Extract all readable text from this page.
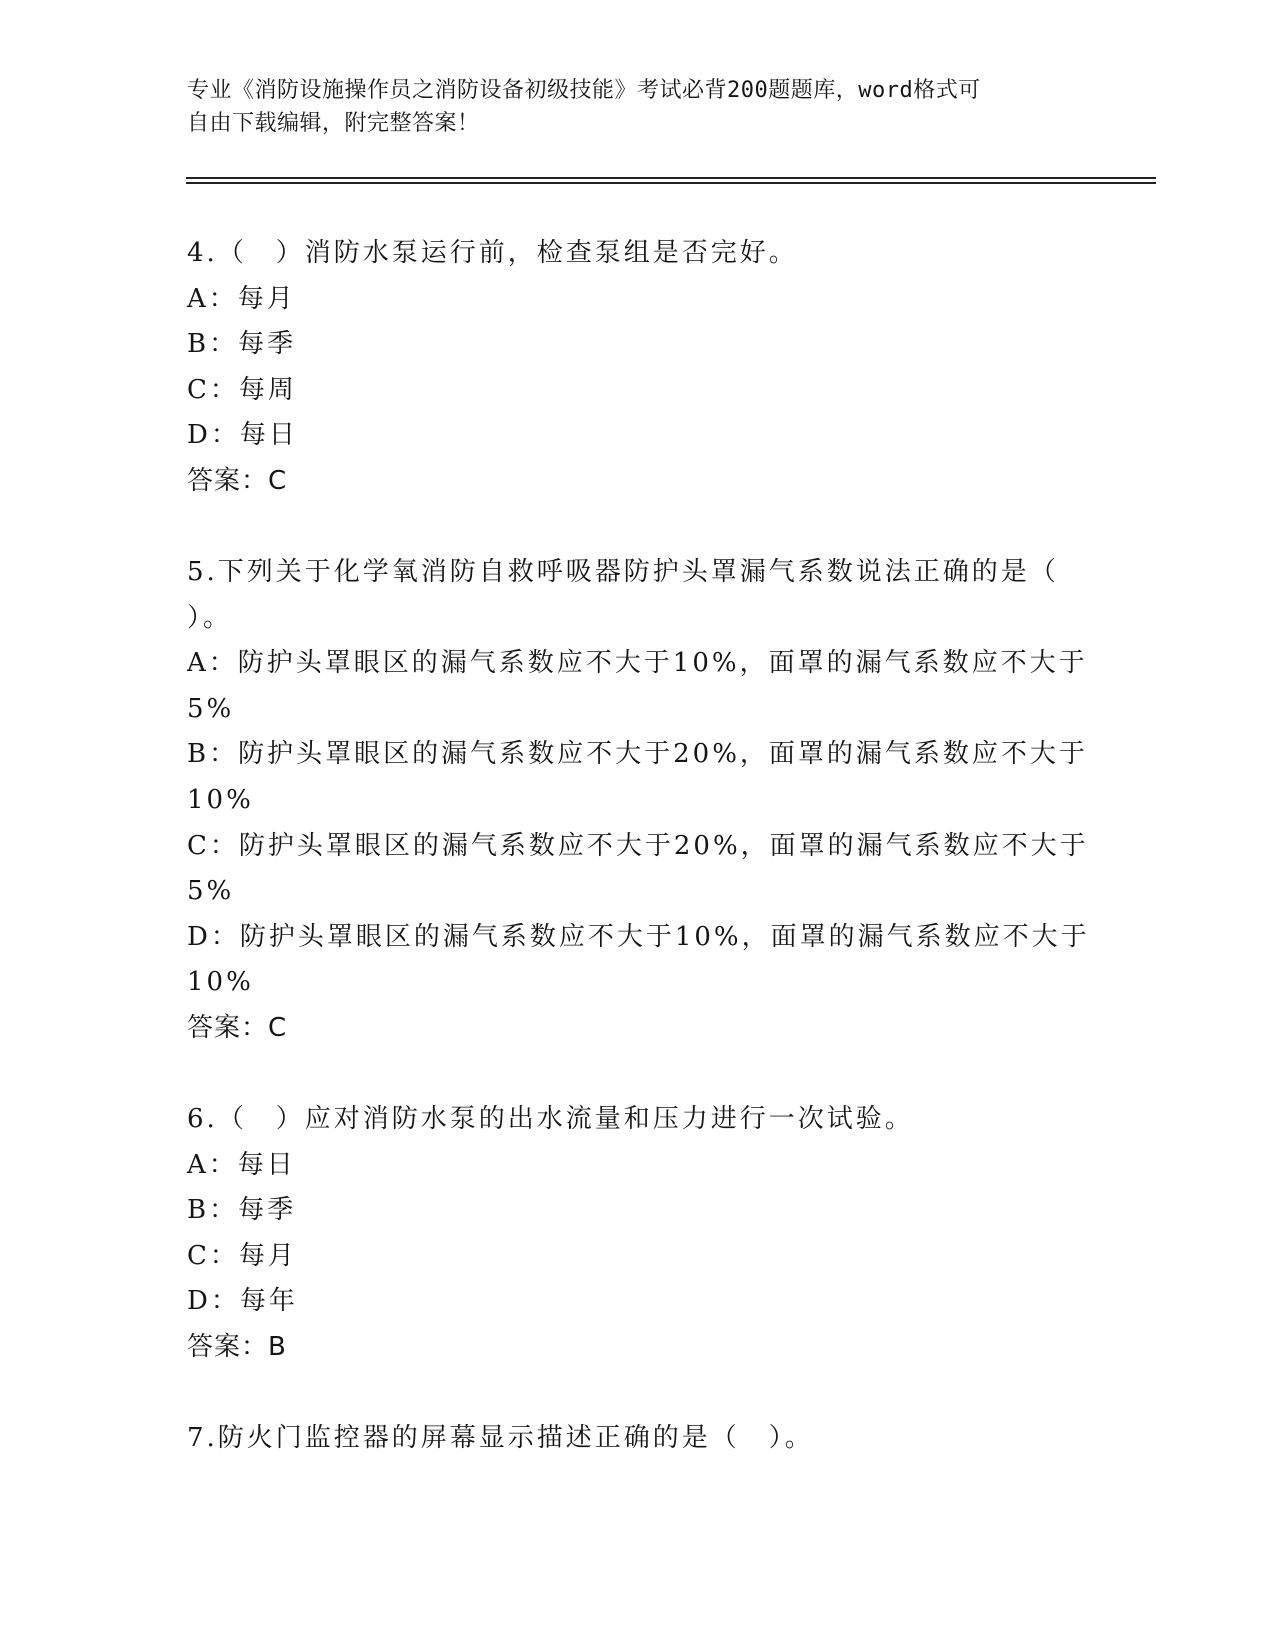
专业《消防设施操作员之消防设备初级技能》考试必背200题题库，word格式可
自由下载编辑，附完整答案！
4.（　）消防水泵运行前，检查泵组是否完好。
A：每月
B：每季
C：每周
D：每日
答案：C
5.下列关于化学氧消防自救呼吸器防护头罩漏气系数说法正确的是（
）。
A：防护头罩眼区的漏气系数应不大于10%，面罩的漏气系数应不大于
5%
B：防护头罩眼区的漏气系数应不大于20%，面罩的漏气系数应不大于
10%
C：防护头罩眼区的漏气系数应不大于20%，面罩的漏气系数应不大于
5%
D：防护头罩眼区的漏气系数应不大于10%，面罩的漏气系数应不大于
10%
答案：C
6.（　）应对消防水泵的出水流量和压力进行一次试验。
A：每日
B：每季
C：每月
D：每年
答案：B
7.防火门监控器的屏幕显示描述正确的是（　）。
